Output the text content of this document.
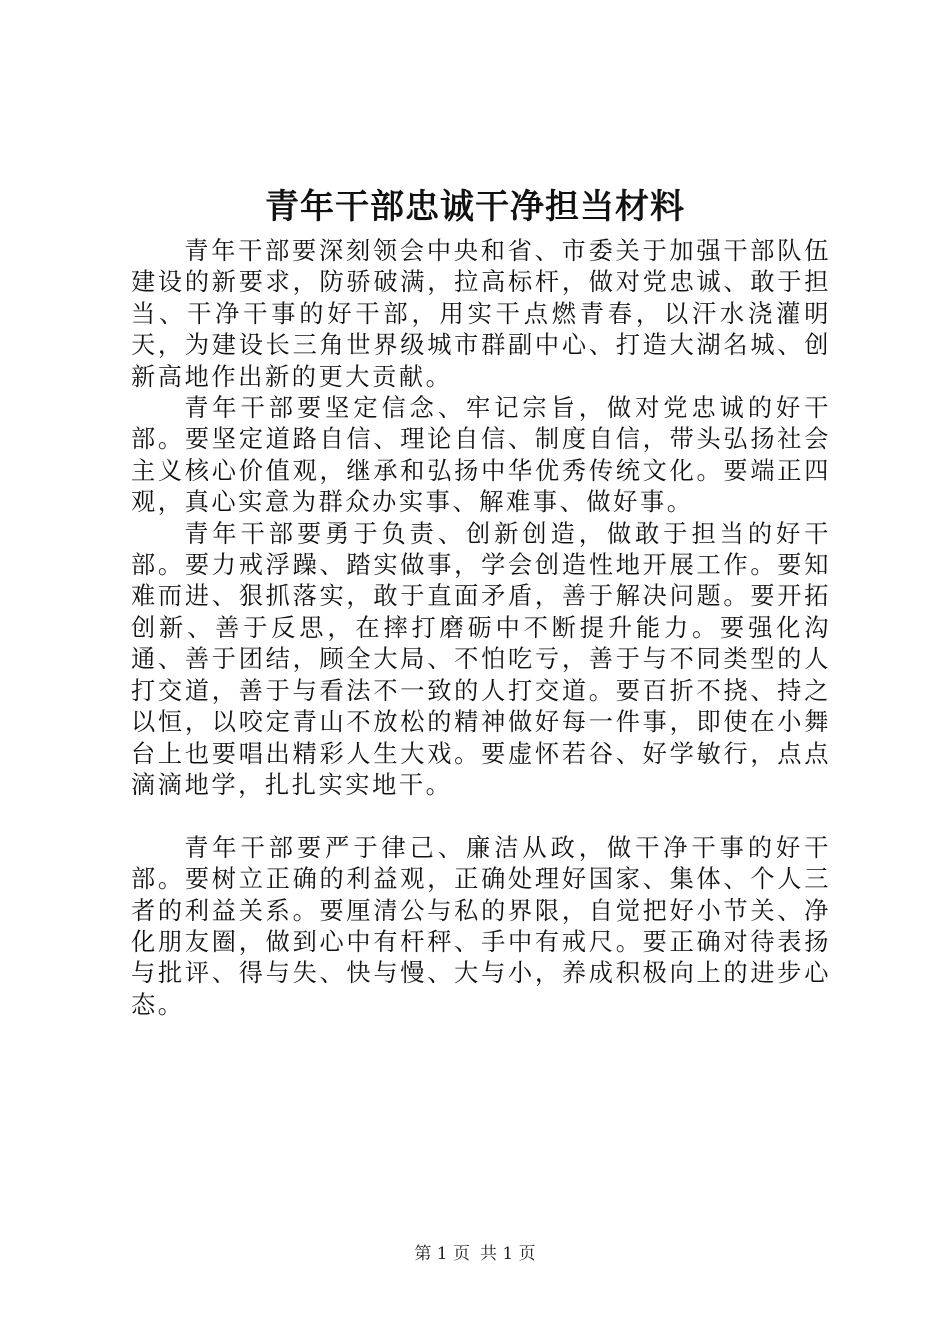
青年干部忠诚干净担当材料

青年干部要深刻领会中央和省、市委关于加强干部队伍建设的新要求，防骄破满，拉高标杆，做对党忠诚、敢于担当、干净干事的好干部，用实干点燃青春，以汗水浇灌明天，为建设长三角世界级城市群副中心、打造大湖名城、创新高地作出新的更大贡献。

青年干部要坚定信念、牢记宗旨，做对党忠诚的好干部。要坚定道路自信、理论自信、制度自信，带头弘扬社会主义核心价值观，继承和弘扬中华优秀传统文化。要端正四观，真心实意为群众办实事、解难事、做好事。

青年干部要勇于负责、创新创造，做敢于担当的好干部。要力戒浮躁、踏实做事，学会创造性地开展工作。要知难而进、狠抓落实，敢于直面矛盾，善于解决问题。要开拓创新、善于反思，在摔打磨砺中不断提升能力。要强化沟通、善于团结，顾全大局、不怕吃亏，善于与不同类型的人打交道，善于与看法不一致的人打交道。要百折不挠、持之以恒，以咬定青山不放松的精神做好每一件事，即使在小舞台上也要唱出精彩人生大戏。要虚怀若谷、好学敏行，点点滴滴地学，扎扎实实地干。

青年干部要严于律己、廉洁从政，做干净干事的好干部。要树立正确的利益观，正确处理好国家、集体、个人三者的利益关系。要厘清公与私的界限，自觉把好小节关、净化朋友圈，做到心中有杆秤、手中有戒尺。要正确对待表扬与批评、得与失、快与慢、大与小，养成积极向上的进步心态。

第 1 页 共 1 页
